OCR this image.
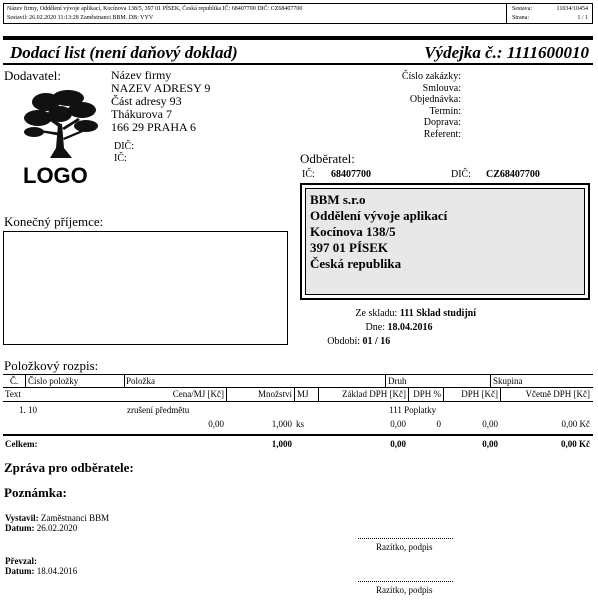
Název firmy, Oddělení vývoje aplikací, Kocínova 138/5, 397 01 PÍSEK, Česká republika IČ: 68407700 DIČ: CZ68407700
Sestavil: 26.02.2020 11:13:28 Zaměstnanci BBM. DB: VYV
Sestava:	11034/10454
Strana:	1 / 1
Dodací list (není daňový doklad)	Výdejka č.: 1111600010
Dodavatel:	Název firmy
NAZEV ADRESY 9
Část adresy 93
Thákurova 7
166 29 PRAHA 6
DIČ:
IČ:
LOGO
Číslo zakázky:
Smlouva:
Objednávka:
Termín:
Doprava:
Referent:
Odběratel:
IČ: 68407700	DIČ: CZ68407700
BBM s.r.o
Oddělení vývoje aplikací
Kocínova 138/5
397 01 PÍSEK
Česká republika
Konečný příjemce:
Ze skladu: 111 Sklad studijní
Dne: 18.04.2016
Období: 01 / 16
Položkový rozpis:
Č. Číslo položky	Položka	Druh	Skupina
Text	Cena/MJ [Kč]	Množství MJ	Základ DPH [Kč] DPH %	DPH [Kč]	Včetně DPH [Kč]
1. 10	zrušení předmětu	111 Poplatky
0,00	1,000 ks	0,00	0	0,00	0,00 Kč
Celkem:	1,000	0,00	0,00	0,00 Kč
Zpráva pro odběratele:
Poznámka:
Vystavil: Zaměstnanci BBM
Datum: 26.02.2020
Razítko, podpis
Převzal:
Datum: 18.04.2016
Razítko, podpis
